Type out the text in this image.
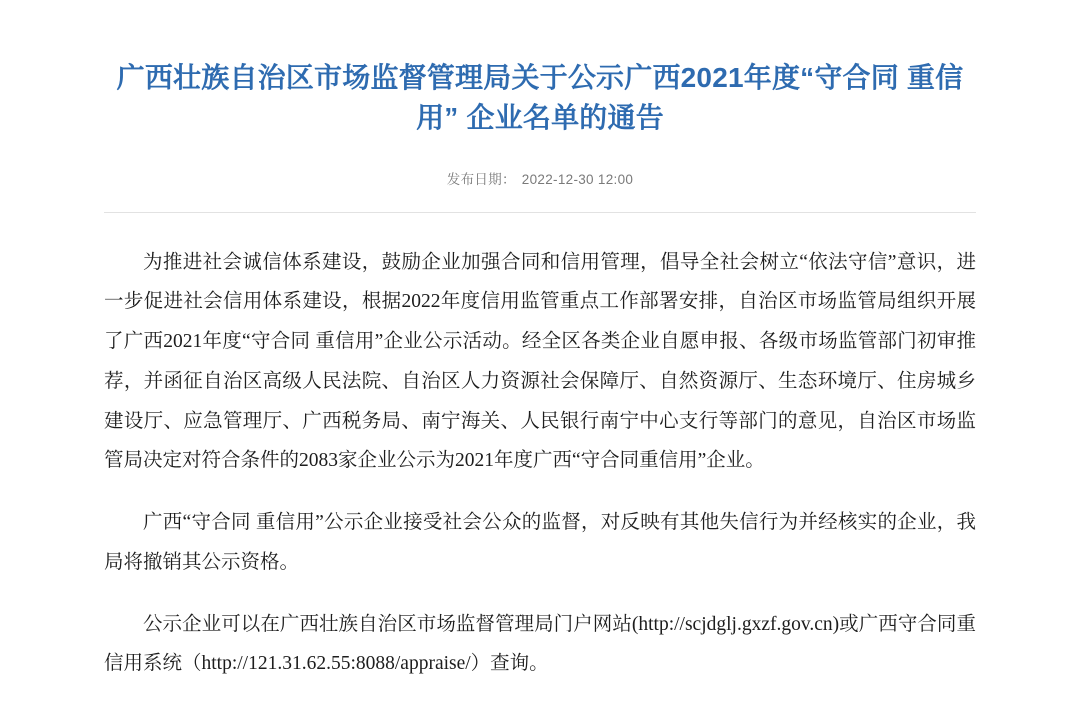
广西壮族自治区市场监督管理局关于公示广西2021年度“守合同 重信用” 企业名单的通告
发布日期： 2022-12-30 12:00

为推进社会诚信体系建设，鼓励企业加强合同和信用管理，倡导全社会树立“依法守信”意识，进一步促进社会信用体系建设，根据2022年度信用监管重点工作部署安排，自治区市场监管局组织开展了广西2021年度“守合同 重信用”企业公示活动。经全区各类企业自愿申报、各级市场监管部门初审推荐，并函征自治区高级人民法院、自治区人力资源社会保障厅、自然资源厅、生态环境厅、住房城乡建设厅、应急管理厅、广西税务局、南宁海关、人民银行南宁中心支行等部门的意见，自治区市场监管局决定对符合条件的2083家企业公示为2021年度广西“守合同重信用”企业。

广西“守合同 重信用”公示企业接受社会公众的监督，对反映有其他失信行为并经核实的企业，我局将撤销其公示资格。

公示企业可以在广西壮族自治区市场监督管理局门户网站(http://scjdglj.gxzf.gov.cn)或广西守合同重信用系统（http://121.31.62.55:8088/appraise/）查询。
